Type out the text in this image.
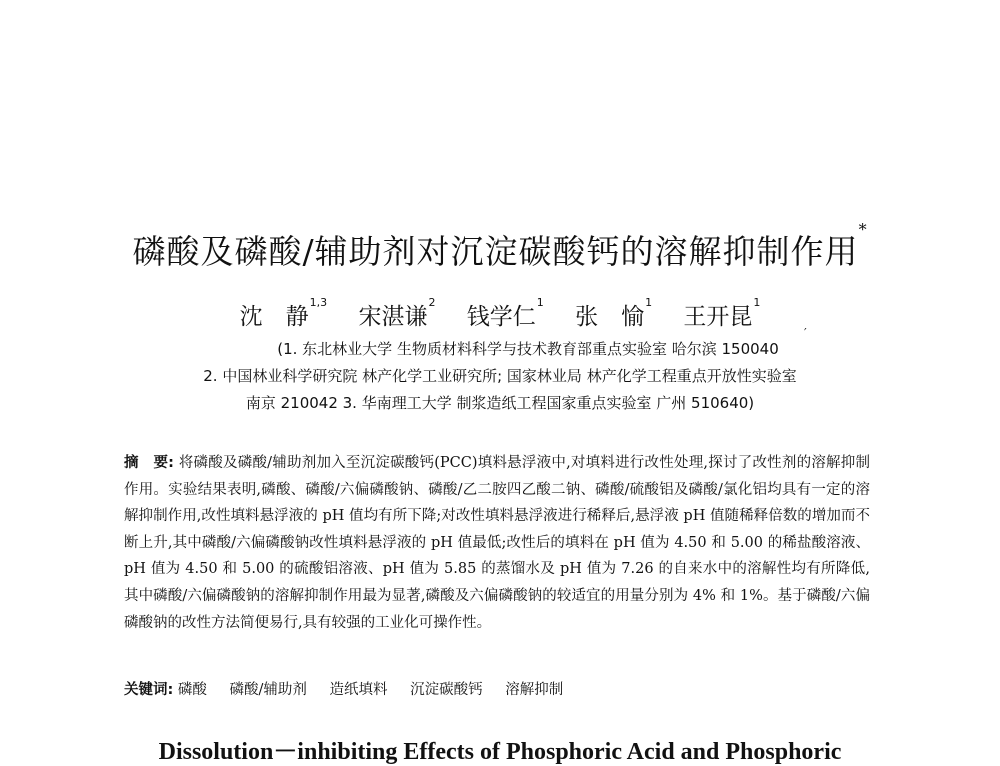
磷酸及磷酸/辅助剂对沉淀碳酸钙的溶解抑制作用*
沈　静$^{1,3}$ 宋湛谦$^2$ 钱学仁$^1$ 张　愉$^1$ 王开昆$^1$
′
(1. 东北林业大学 生物质材料科学与技术教育部重点实验室 哈尔滨 150040
2. 中国林业科学研究院 林产化学工业研究所; 国家林业局 林产化学工程重点开放性实验室
南京 210042 3. 华南理工大学 制浆造纸工程国家重点实验室 广州 510640)
摘　要: 将磷酸及磷酸/辅助剂加入至沉淀碳酸钙(PCC)填料悬浮液中,对填料进行改性处理,探讨了改性剂的溶解抑制作用。实验结果表明,磷酸、磷酸/六偏磷酸钠、磷酸/乙二胺四乙酸二钠、磷酸/硫酸铝及磷酸/氯化铝均具有一定的溶解抑制作用,改性填料悬浮液的 pH 值均有所下降;对改性填料悬浮液进行稀释后,悬浮液 pH 值随稀释倍数的增加而不断上升,其中磷酸/六偏磷酸钠改性填料悬浮液的 pH 值最低;改性后的填料在 pH 值为 4.50 和 5.00 的稀盐酸溶液、pH 值为 4.50 和 5.00 的硫酸铝溶液、pH 值为 5.85 的蒸馏水及 pH 值为 7.26 的自来水中的溶解性均有所降低,其中磷酸/六偏磷酸钠的溶解抑制作用最为显著,磷酸及六偏磷酸钠的较适宜的用量分别为 4% 和 1%。基于磷酸/六偏磷酸钠的改性方法简便易行,具有较强的工业化可操作性。
关键词: 磷酸 磷酸/辅助剂 造纸填料 沉淀碳酸钙 溶解抑制
Dissolution－inhibiting Effects of Phosphoric Acid and Phosphoric
